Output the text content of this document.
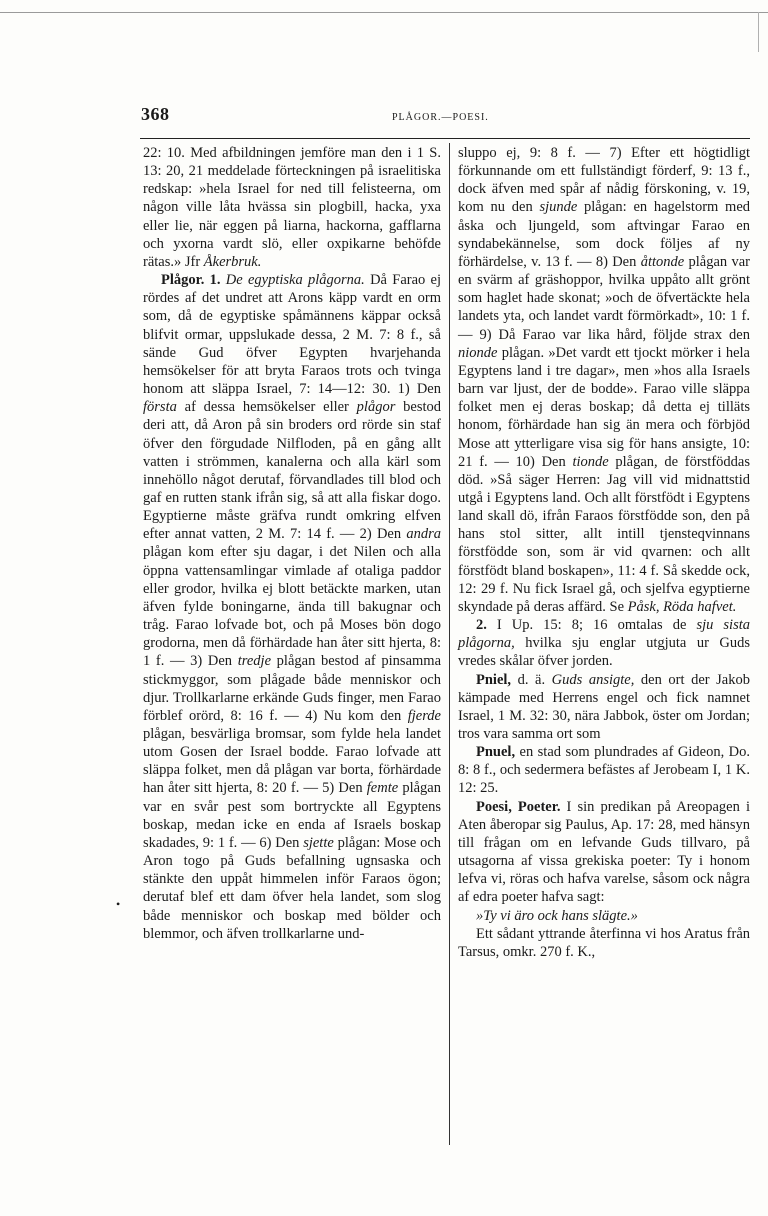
368	PLÅGOR.—POESI.
•

22: 10. Med afbildningen jemföre man den i 1 S. 13: 20, 21 meddelade förteckningen på israelitiska redskap: »hela Israel for ned till felisteerna, om någon ville låta hvässa sin plogbill, hacka, yxa eller lie, när eggen på liarna, hackorna, gafflarna och yxorna vardt slö, eller oxpikarne behöfde rätas.» Jfr Åkerbruk.

Plågor. 1. De egyptiska plågorna. Då Farao ej rördes af det undret att Arons käpp vardt en orm som, då de egyptiske spåmännens käppar också blifvit ormar, uppslukade dessa, 2 M. 7: 8 f., så sände Gud öfver Egypten hvarjehanda hemsökelser för att bryta Faraos trots och tvinga honom att släppa Israel, 7: 14—12: 30. 1) Den första af dessa hemsökelser eller plågor bestod deri att, då Aron på sin broders ord rörde sin staf öfver den förgudade Nilfloden, på en gång allt vatten i strömmen, kanalerna och alla kärl som innehöllo något derutaf, förvandlades till blod och gaf en rutten stank ifrån sig, så att alla fiskar dogo. Egyptierne måste gräfva rundt omkring elfven efter annat vatten, 2 M. 7: 14 f. — 2) Den andra plågan kom efter sju dagar, i det Nilen och alla öppna vattensamlingar vimlade af otaliga paddor eller grodor, hvilka ej blott betäckte marken, utan äfven fylde boningarne, ända till bakugnar och tråg. Farao lofvade bot, och på Moses bön dogo grodorna, men då förhärdade han åter sitt hjerta, 8: 1 f. — 3) Den tredje plågan bestod af pinsamma stickmyggor, som plågade både menniskor och djur. Trollkarlarne erkände Guds finger, men Farao förblef orörd, 8: 16 f. — 4) Nu kom den fjerde plågan, besvärliga bromsar, som fylde hela landet utom Gosen der Israel bodde. Farao lofvade att släppa folket, men då plågan var borta, förhärdade han åter sitt hjerta, 8: 20 f. — 5) Den femte plågan var en svår pest som bortryckte all Egyptens boskap, medan icke en enda af Israels boskap skadades, 9: 1 f. — 6) Den sjette plågan: Mose och Aron togo på Guds befallning ugnsaska och stänkte den uppåt himmelen inför Faraos ögon; derutaf blef ett dam öfver hela landet, som slog både menniskor och boskap med bölder och blemmor, och äfven trollkarlarne und-

sluppo ej, 9: 8 f. — 7) Efter ett högtidligt förkunnande om ett fullständigt förderf, 9: 13 f., dock äfven med spår af nådig förskoning, v. 19, kom nu den sjunde plågan: en hagelstorm med åska och ljungeld, som aftvingar Farao en syndabekännelse, som dock följes af ny förhärdelse, v. 13 f. — 8) Den åttonde plågan var en svärm af gräshoppor, hvilka uppåto allt grönt som haglet hade skonat; »och de öfvertäckte hela landets yta, och landet vardt förmörkadt», 10: 1 f. — 9) Då Farao var lika hård, följde strax den nionde plågan. »Det vardt ett tjockt mörker i hela Egyptens land i tre dagar», men »hos alla Israels barn var ljust, der de bodde». Farao ville släppa folket men ej deras boskap; då detta ej tilläts honom, förhärdade han sig än mera och förbjöd Mose att ytterligare visa sig för hans ansigte, 10: 21 f. — 10) Den tionde plågan, de förstföddas död. »Så säger Herren: Jag vill vid midnattstid utgå i Egyptens land. Och allt förstfödt i Egyptens land skall dö, ifrån Faraos förstfödde son, den på hans stol sitter, allt intill tjensteqvinnans förstfödde son, som är vid qvarnen: och allt förstfödt bland boskapen», 11: 4 f. Så skedde ock, 12: 29 f. Nu fick Israel gå, och sjelfva egyptierne skyndade på deras affärd. Se Påsk, Röda hafvet.

2. I Up. 15: 8; 16 omtalas de sju sista plågorna, hvilka sju englar utgjuta ur Guds vredes skålar öfver jorden.

Pniel, d. ä. Guds ansigte, den ort der Jakob kämpade med Herrens engel och fick namnet Israel, 1 M. 32: 30, nära Jabbok, öster om Jordan; tros vara samma ort som

Pnuel, en stad som plundrades af Gideon, Do. 8: 8 f., och sedermera befästes af Jerobeam I, 1 K. 12: 25.

Poesi, Poeter. I sin predikan på Areopagen i Aten åberopar sig Paulus, Ap. 17: 28, med hänsyn till frågan om en lefvande Guds tillvaro, på utsagorna af vissa grekiska poeter: Ty i honom lefva vi, röras och hafva varelse, såsom ock några af edra poeter hafva sagt:

»Ty vi äro ock hans slägte.»

Ett sådant yttrande återfinna vi hos Aratus från Tarsus, omkr. 270 f. K.,
